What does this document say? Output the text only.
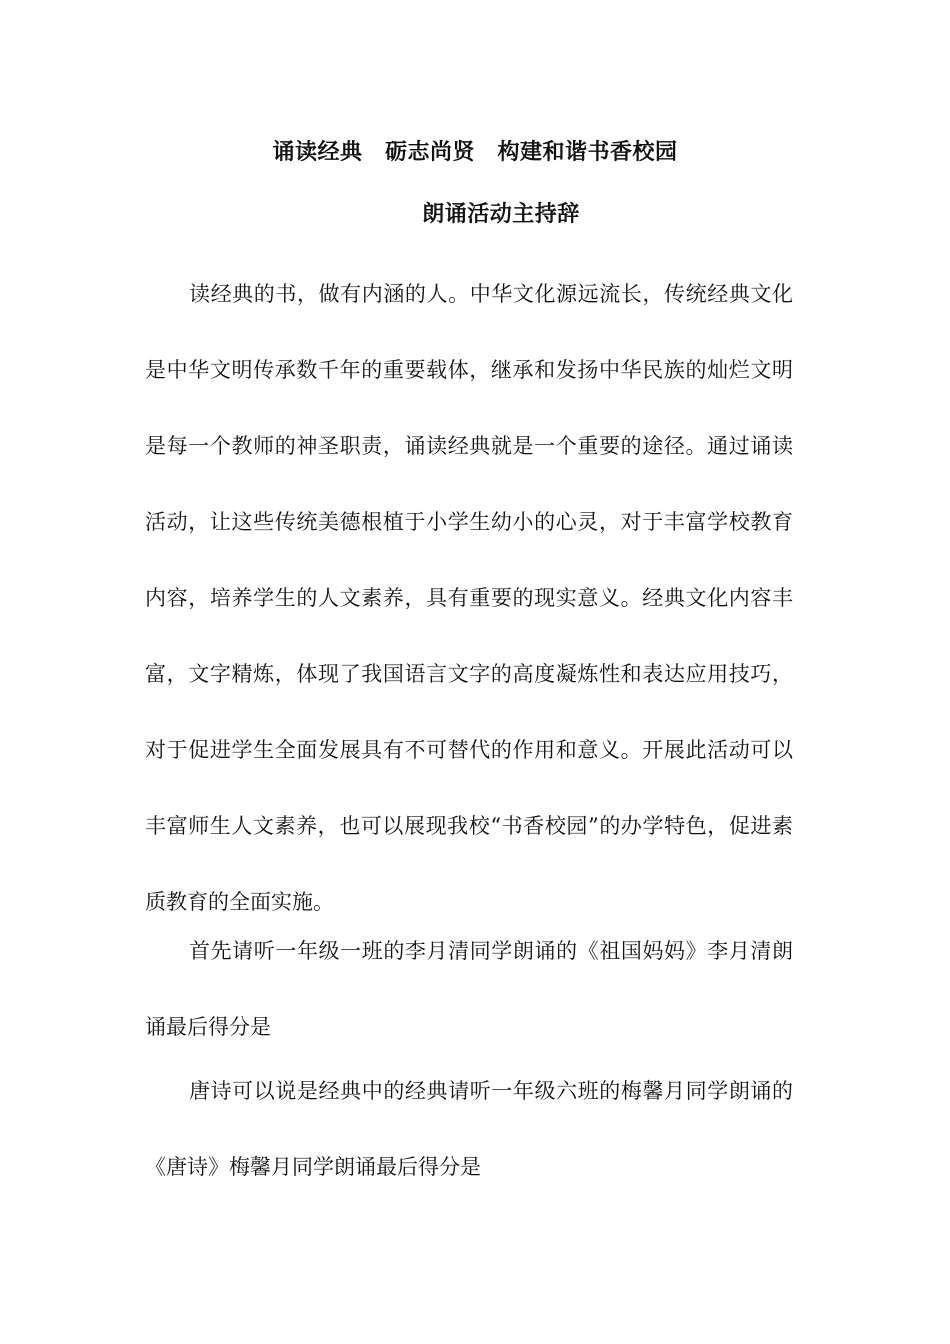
诵读经典　砺志尚贤　构建和谐书香校园
朗诵活动主持辞

读经典的书，做有内涵的人。中华文化源远流长，传统经典文化是中华文明传承数千年的重要载体，继承和发扬中华民族的灿烂文明是每一个教师的神圣职责，诵读经典就是一个重要的途径。通过诵读活动，让这些传统美德根植于小学生幼小的心灵，对于丰富学校教育内容，培养学生的人文素养，具有重要的现实意义。经典文化内容丰富，文字精炼，体现了我国语言文字的高度凝炼性和表达应用技巧，对于促进学生全面发展具有不可替代的作用和意义。开展此活动可以丰富师生人文素养，也可以展现我校“书香校园”的办学特色，促进素质教育的全面实施。

首先请听一年级一班的李月清同学朗诵的《祖国妈妈》李月清朗诵最后得分是

唐诗可以说是经典中的经典请听一年级六班的梅馨月同学朗诵的《唐诗》梅馨月同学朗诵最后得分是
